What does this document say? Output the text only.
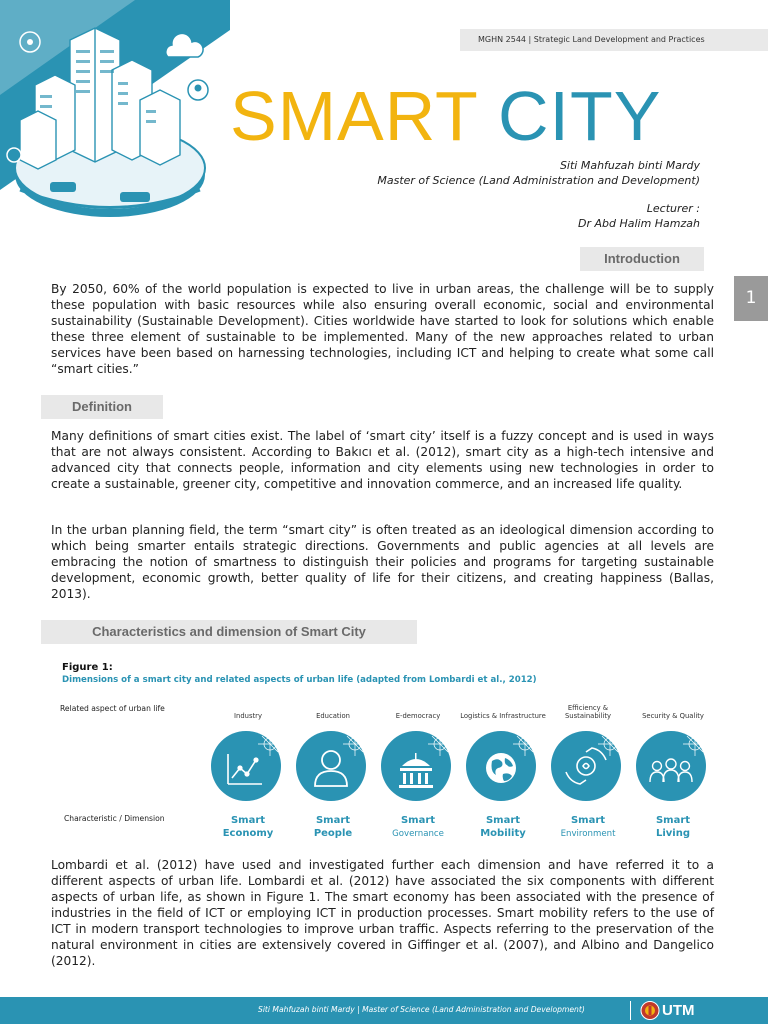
MGHN 2544 | Strategic Land Development and Practices
SMART CITY
Siti Mahfuzah binti Mardy
Master of Science (Land Administration and Development)
Lecturer :
Dr Abd Halim Hamzah
Introduction
1

By 2050, 60% of the world population is expected to live in urban areas, the challenge will be to supply these population with basic resources while also ensuring overall economic, social and environmental sustainability (Sustainable Development). Cities worldwide have started to look for solutions which enable these three element of sustainable to be implemented. Many of the new approaches related to urban services have been based on harnessing technologies, including ICT and helping to create what some call “smart cities.”

Definition

Many definitions of smart cities exist. The label of ‘smart city’ itself is a fuzzy concept and is used in ways that are not always consistent. According to Bakıcı et al. (2012), smart city as a high-tech intensive and advanced city that connects people, information and city elements using new technologies in order to create a sustainable, greener city, competitive and innovation commerce, and an increased life quality.

In the urban planning field, the term “smart city” is often treated as an ideological dimension according to which being smarter entails strategic directions. Governments and public agencies at all levels are embracing the notion of smartness to distinguish their policies and programs for targeting sustainable development, economic growth, better quality of life for their citizens, and creating happiness (Ballas, 2013).

Characteristics and dimension of Smart City
Figure 1:
Dimensions of a smart city and related aspects of urban life (adapted from Lombardi et al., 2012)
Related aspect of urban life
Characteristic / Dimension
Industry
Smart
Economy
Education
Smart
People
E-democracy
Smart
Governance
Logistics & Infrastructure
Smart
Mobility
Efficiency & Sustainability
Smart
Environment
Security & Quality
Smart
Living

Lombardi et al. (2012) have used and investigated further each dimension and have referred it to a different aspects of urban life. Lombardi et al. (2012) have associated the six components with different aspects of urban life, as shown in Figure 1. The smart economy has been associated with the presence of industries in the field of ICT or employing ICT in production processes. Smart mobility refers to the use of ICT in modern transport technologies to improve urban traffic. Aspects referring to the preservation of the natural environment in cities are extensively covered in Giffinger et al. (2007), and Albino and Dangelico (2012).

Siti Mahfuzah binti Mardy | Master of Science (Land Administration and Development)	UTM
